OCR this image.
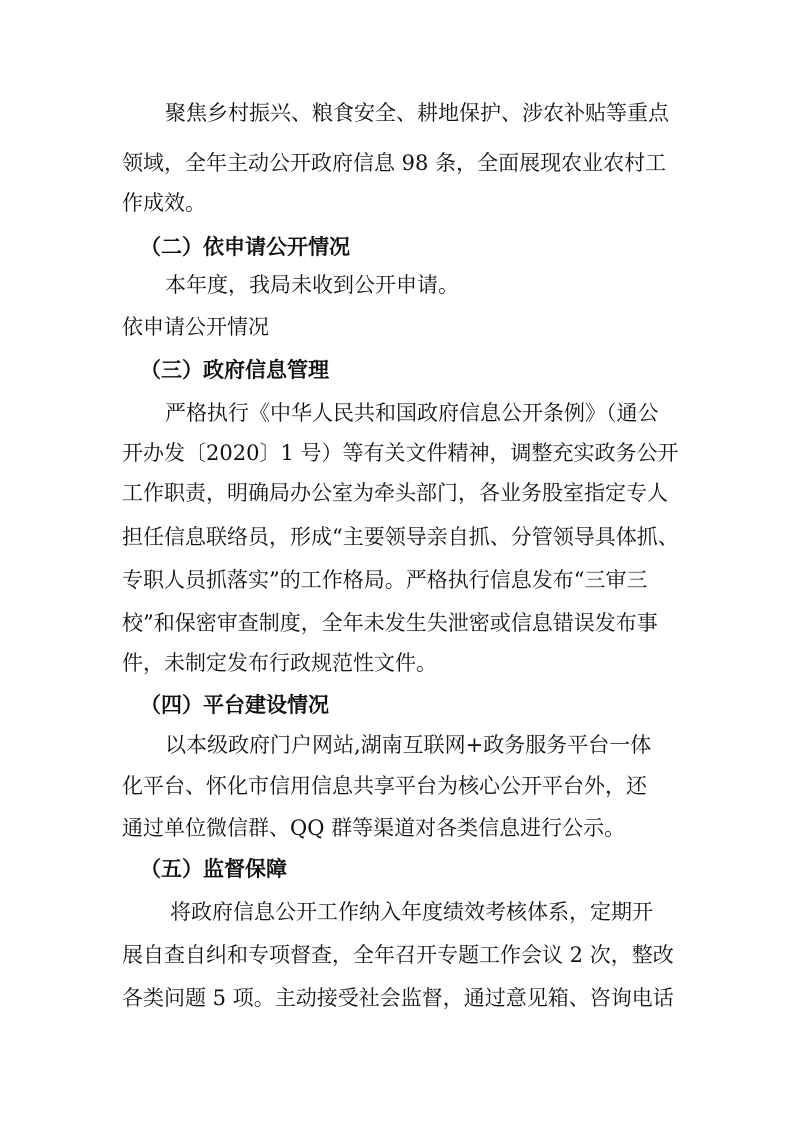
聚焦乡村振兴、粮食安全、耕地保护、涉农补贴等重点
领域，全年主动公开政府信息 98 条，全面展现农业农村工
作成效。
（二）依申请公开情况
本年度，我局未收到公开申请。
依申请公开情况
（三）政府信息管理
严格执行《中华人民共和国政府信息公开条例》（通公
开办发〔2020〕1 号）等有关文件精神，调整充实政务公开
工作职责，明确局办公室为牵头部门，各业务股室指定专人
担任信息联络员，形成“主要领导亲自抓、分管领导具体抓、
专职人员抓落实”的工作格局。严格执行信息发布“三审三
校”和保密审查制度，全年未发生失泄密或信息错误发布事
件，未制定发布行政规范性文件。
（四）平台建设情况
以本级政府门户网站,湖南互联网+政务服务平台一体
化平台、怀化市信用信息共享平台为核心公开平台外，还
通过单位微信群、QQ 群等渠道对各类信息进行公示。
（五）监督保障
将政府信息公开工作纳入年度绩效考核体系，定期开
展自查自纠和专项督查，全年召开专题工作会议 2 次，整改
各类问题 5 项。主动接受社会监督，通过意见箱、咨询电话
